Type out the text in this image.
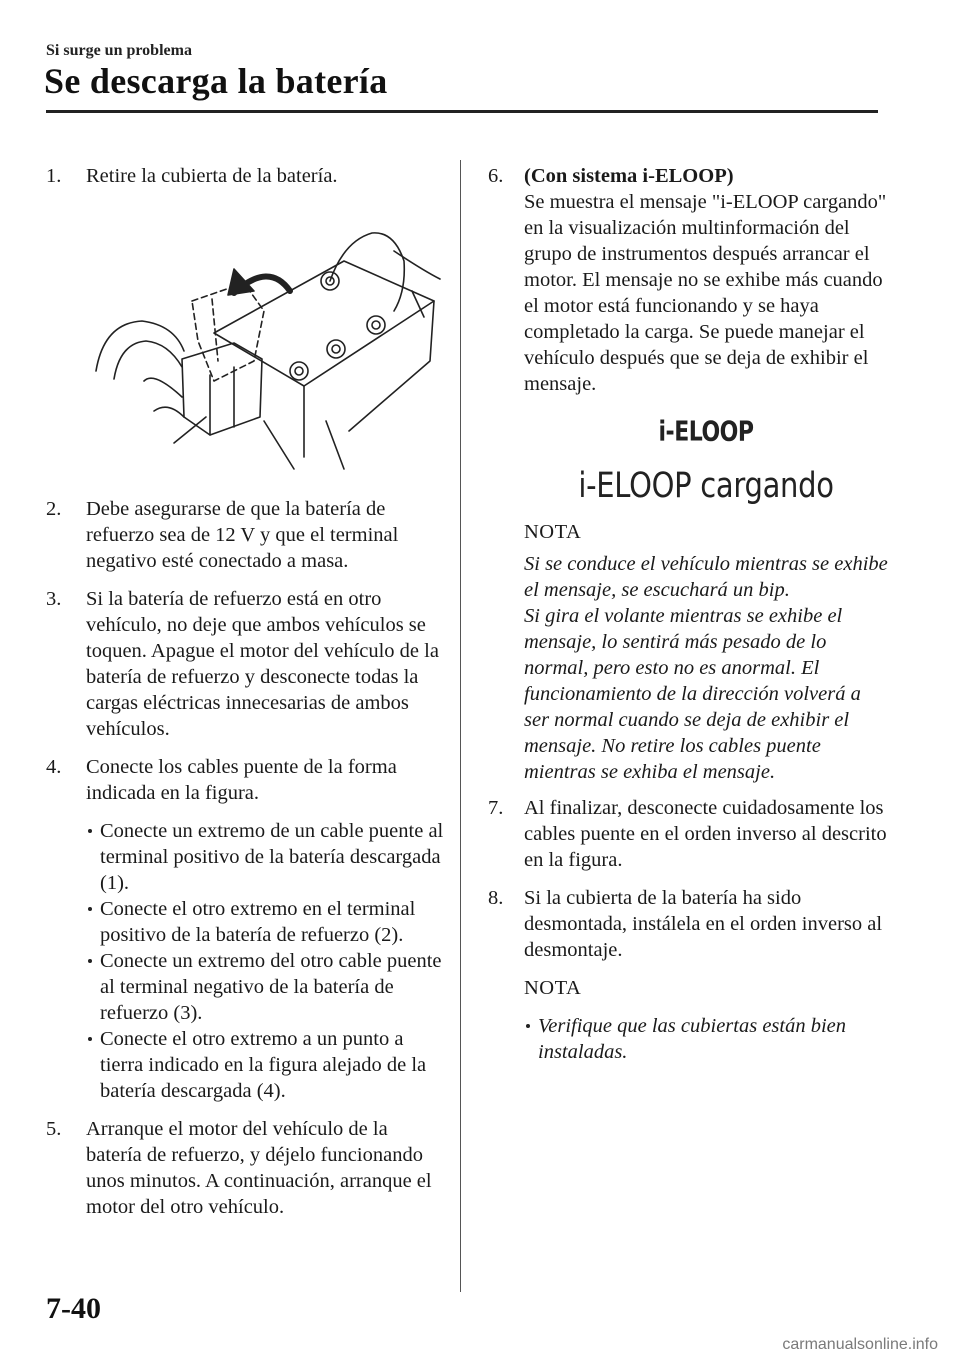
Si surge un problema
Se descarga la batería
1. Retire la cubierta de la batería.
2. Debe asegurarse de que la batería de refuerzo sea de 12 V y que el terminal negativo esté conectado a masa.
3. Si la batería de refuerzo está en otro vehículo, no deje que ambos vehículos se toquen. Apague el motor del vehículo de la batería de refuerzo y desconecte todas la cargas eléctricas innecesarias de ambos vehículos.
4. Conecte los cables puente de la forma indicada en la figura.
Conecte un extremo de un cable puente al terminal positivo de la batería descargada (1).
Conecte el otro extremo en el terminal positivo de la batería de refuerzo (2).
Conecte un extremo del otro cable puente al terminal negativo de la batería de refuerzo (3).
Conecte el otro extremo a un punto a tierra indicado en la figura alejado de la batería descargada (4).
5. Arranque el motor del vehículo de la batería de refuerzo, y déjelo funcionando unos minutos. A continuación, arranque el motor del otro vehículo.
6. (Con sistema i-ELOOP)
Se muestra el mensaje "i-ELOOP cargando" en la visualización multinformación del grupo de instrumentos después arrancar el motor. El mensaje no se exhibe más cuando el motor está funcionando y se haya completado la carga. Se puede manejar el vehículo después que se deja de exhibir el mensaje.
i-ELOOP
i-ELOOP cargando
NOTA
Si se conduce el vehículo mientras se exhibe el mensaje, se escuchará un bip.
Si gira el volante mientras se exhibe el mensaje, lo sentirá más pesado de lo normal, pero esto no es anormal. El funcionamiento de la dirección volverá a ser normal cuando se deja de exhibir el mensaje. No retire los cables puente mientras se exhiba el mensaje.
7. Al finalizar, desconecte cuidadosamente los cables puente en el orden inverso al descrito en la figura.
8. Si la cubierta de la batería ha sido desmontada, instálela en el orden inverso al desmontaje.
NOTA
Verifique que las cubiertas están bien instaladas.
7-40
carmanualsonline.info
